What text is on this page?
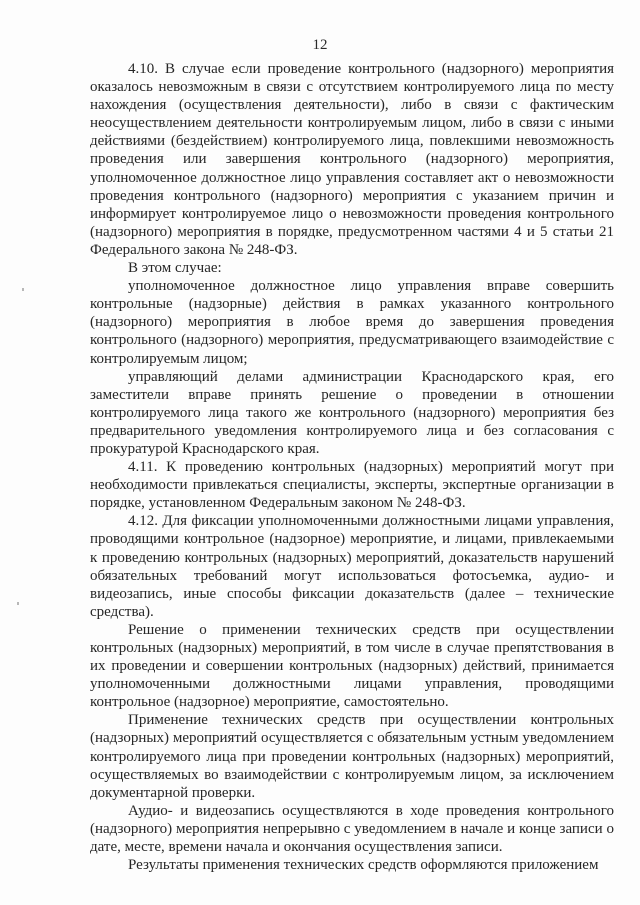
12

4.10. В случае если проведение контрольного (надзорного) мероприятия оказалось невозможным в связи с отсутствием контролируемого лица по месту нахождения (осуществления деятельности), либо в связи с фактическим неосуществлением деятельности контролируемым лицом, либо в связи с иными действиями (бездействием) контролируемого лица, повлекшими невозможность проведения или завершения контрольного (надзорного) мероприятия, уполномоченное должностное лицо управления составляет акт о невозможности проведения контрольного (надзорного) мероприятия с указанием причин и информирует контролируемое лицо о невозможности проведения контрольного (надзорного) мероприятия в порядке, предусмотренном частями 4 и 5 статьи 21 Федерального закона № 248-ФЗ.

В этом случае:

уполномоченное должностное лицо управления вправе совершить контрольные (надзорные) действия в рамках указанного контрольного (надзорного) мероприятия в любое время до завершения проведения контрольного (надзорного) мероприятия, предусматривающего взаимодействие с контролируемым лицом;

управляющий делами администрации Краснодарского края, его заместители вправе принять решение о проведении в отношении контролируемого лица такого же контрольного (надзорного) мероприятия без предварительного уведомления контролируемого лица и без согласования с прокуратурой Краснодарского края.

4.11. К проведению контрольных (надзорных) мероприятий могут при необходимости привлекаться специалисты, эксперты, экспертные организации в порядке, установленном Федеральным законом № 248-ФЗ.

4.12. Для фиксации уполномоченными должностными лицами управления, проводящими контрольное (надзорное) мероприятие, и лицами, привлекаемыми к проведению контрольных (надзорных) мероприятий, доказательств нарушений обязательных требований могут использоваться фотосъемка, аудио- и видеозапись, иные способы фиксации доказательств (далее – технические средства).

Решение о применении технических средств при осуществлении контрольных (надзорных) мероприятий, в том числе в случае препятствования в их проведении и совершении контрольных (надзорных) действий, принимается уполномоченными должностными лицами управления, проводящими контрольное (надзорное) мероприятие, самостоятельно.

Применение технических средств при осуществлении контрольных (надзорных) мероприятий осуществляется с обязательным устным уведомлением контролируемого лица при проведении контрольных (надзорных) мероприятий, осуществляемых во взаимодействии с контролируемым лицом, за исключением документарной проверки.

Аудио- и видеозапись осуществляются в ходе проведения контрольного (надзорного) мероприятия непрерывно с уведомлением в начале и конце записи о дате, месте, времени начала и окончания осуществления записи.

Результаты применения технических средств оформляются приложением
